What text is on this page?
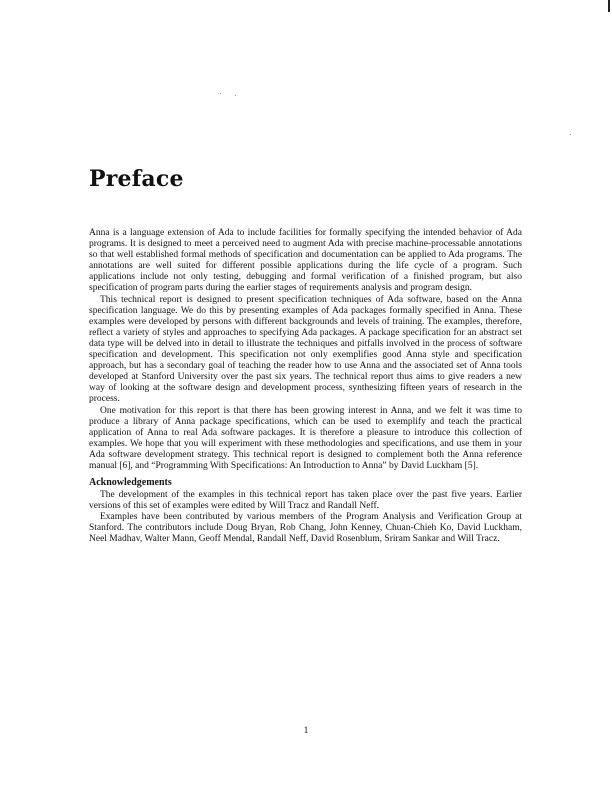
Preface

Anna is a language extension of Ada to include facilities for formally specifying the intended behavior of Ada programs. It is designed to meet a perceived need to augment Ada with precise machine-processable annotations so that well established formal methods of specification and documentation can be applied to Ada programs. The annotations are well suited for different possible applications during the life cycle of a program. Such applications include not only testing, debugging and formal verification of a finished program, but also specification of program parts during the earlier stages of requirements analysis and program design.

This technical report is designed to present specification techniques of Ada software, based on the Anna specification language. We do this by presenting examples of Ada packages formally specified in Anna. These examples were developed by persons with different backgrounds and levels of training. The examples, therefore, reflect a variety of styles and approaches to specifying Ada packages. A package specification for an abstract set data type will be delved into in detail to illustrate the techniques and pitfalls involved in the process of software specification and development. This specification not only exemplifies good Anna style and specification approach, but has a secondary goal of teaching the reader how to use Anna and the associated set of Anna tools developed at Stanford University over the past six years. The technical report thus aims to give readers a new way of looking at the software design and development process, synthesizing fifteen years of research in the process.

One motivation for this report is that there has been growing interest in Anna, and we felt it was time to produce a library of Anna package specifications, which can be used to exemplify and teach the practical application of Anna to real Ada software packages. It is therefore a pleasure to introduce this collection of examples. We hope that you will experiment with these methodologies and specifications, and use them in your Ada software development strategy. This technical report is designed to complement both the Anna reference manual [6], and “Programming With Specifications: An Introduction to Anna” by David Luckham [5].

Acknowledgements

The development of the examples in this technical report has taken place over the past five years. Earlier versions of this set of examples were edited by Will Tracz and Randall Neff.

Examples have been contributed by various members of the Program Analysis and Verification Group at Stanford. The contributors include Doug Bryan, Rob Chang, John Kenney, Chuan-Chieh Ko, David Luckham, Neel Madhav, Walter Mann, Geoff Mendal, Randall Neff, David Rosenblum, Sriram Sankar and Will Tracz.

1
